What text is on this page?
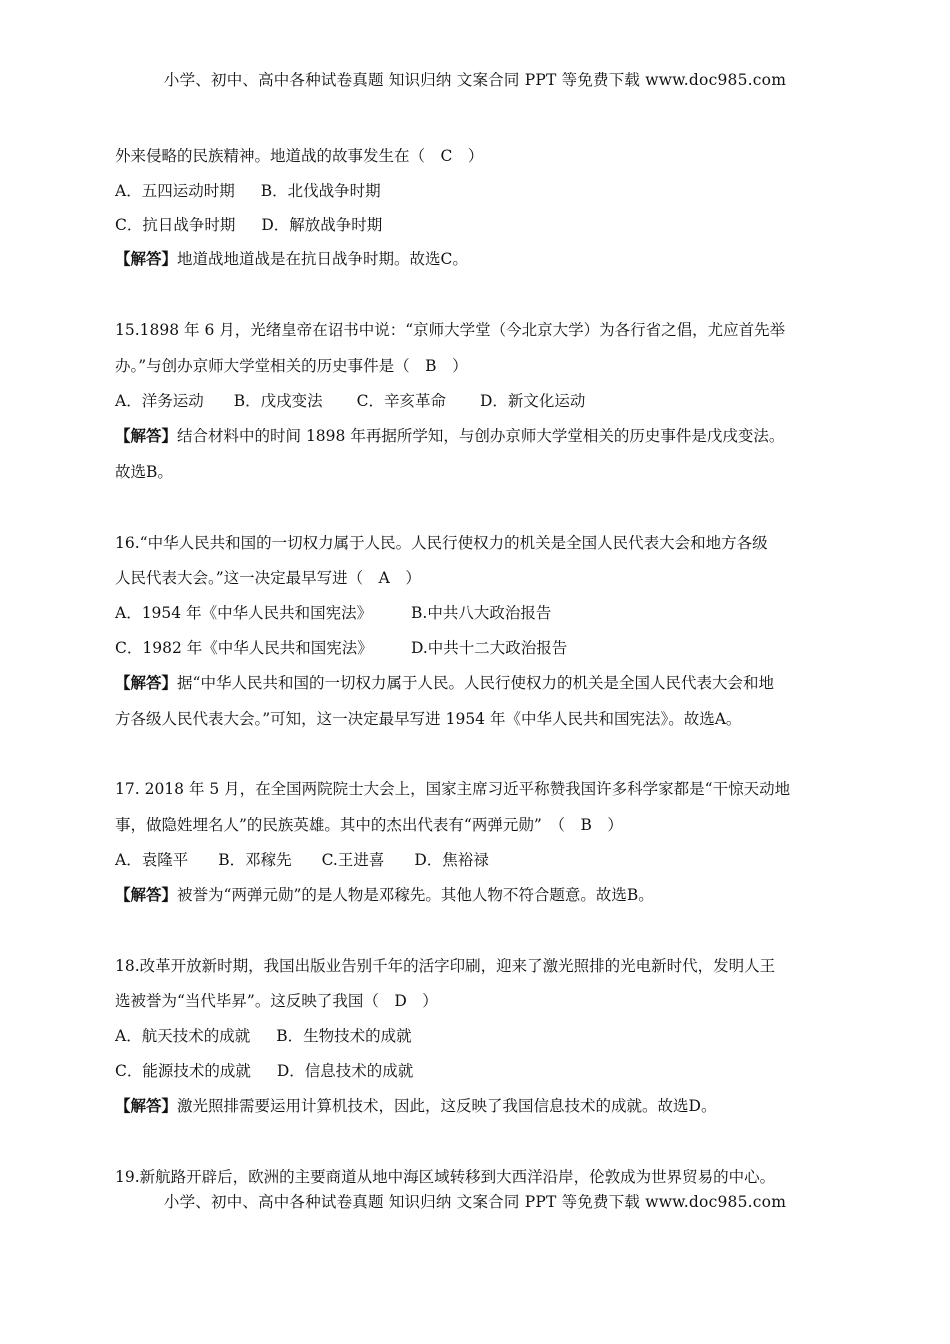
小学、初中、高中各种试卷真题 知识归纳 文案合同 PPT 等免费下载 www.doc985.com
外来侵略的民族精神。地道战的故事发生在（　C　）
A．五四运动时期 B．北伐战争时期
C．抗日战争时期 D．解放战争时期
【解答】地道战地道战是在抗日战争时期。故选C。
15.1898 年 6 月，光绪皇帝在诏书中说：“京师大学堂（今北京大学）为各行省之倡，尤应首先举
办。”与创办京师大学堂相关的历史事件是（　B　）
A．洋务运动 B．戊戌变法 C．辛亥革命 D．新文化运动
【解答】结合材料中的时间 1898 年再据所学知，与创办京师大学堂相关的历史事件是戊戌变法。
故选B。
16.“中华人民共和国的一切权力属于人民。人民行使权力的机关是全国人民代表大会和地方各级
人民代表大会。”这一决定最早写进（　A　）
A．1954 年《中华人民共和国宪法》	B.中共八大政治报告
C．1982 年《中华人民共和国宪法》 D.中共十二大政治报告
【解答】据“中华人民共和国的一切权力属于人民。人民行使权力的机关是全国人民代表大会和地
方各级人民代表大会。”可知，这一决定最早写进 1954 年《中华人民共和国宪法》。故选A。
17. 2018 年 5 月，在全国两院院士大会上，国家主席习近平称赞我国许多科学家都是“干惊天动地
事，做隐姓埋名人”的民族英雄。其中的杰出代表有“两弹元勋”　（　B　）
A．袁隆平 B．邓稼先 C.王进喜 D．焦裕禄
【解答】被誉为“两弹元勋”的是人物是邓稼先。其他人物不符合题意。故选B。
18.改革开放新时期，我国出版业告别千年的活字印刷，迎来了激光照排的光电新时代，发明人王
选被誉为“当代毕昇”。这反映了我国（　D　）
A．航天技术的成就 B．生物技术的成就
C．能源技术的成就 D．信息技术的成就
【解答】激光照排需要运用计算机技术，因此，这反映了我国信息技术的成就。故选D。
19.新航路开辟后，欧洲的主要商道从地中海区域转移到大西洋沿岸，伦敦成为世界贸易的中心。
小学、初中、高中各种试卷真题 知识归纳 文案合同 PPT 等免费下载 www.doc985.com
